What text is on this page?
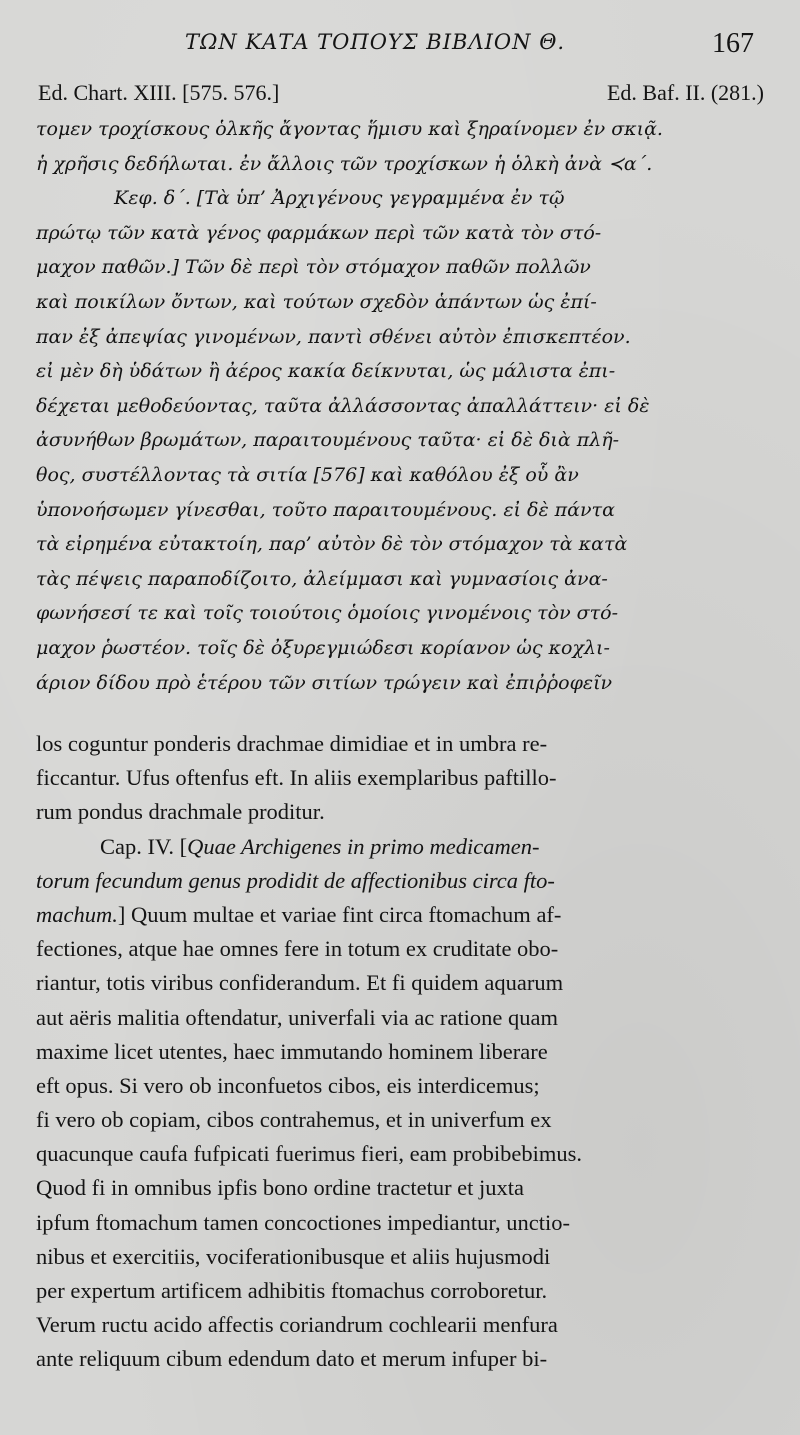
ΤΩΝ ΚΑΤΑ ΤΟΠΟΥΣ ΒΙΒΛΙΟΝ Θ.	167
Ed. Chart. XIII. [575. 576.]	Ed. Baf. II. (281.)
τομεν τροχίσκους ὁλκῆς ἄγοντας ἥμισυ καὶ ξηραίνομεν ἐν σκιᾷ.
ἡ χρῆσις δεδήλωται. ἐν ἄλλοις τῶν τροχίσκων ἡ ὁλκὴ ἀνὰ ≺α΄.
Κεφ. δ΄. [Τὰ ὑπ’ Ἀρχιγένους γεγραμμένα ἐν τῷ
πρώτῳ τῶν κατὰ γένος φαρμάκων περὶ τῶν κατὰ τὸν στό-
μαχον παθῶν.] Τῶν δὲ περὶ τὸν στόμαχον παθῶν πολλῶν
καὶ ποικίλων ὄντων, καὶ τούτων σχεδὸν ἁπάντων ὡς ἐπί-
παν ἐξ ἀπεψίας γινομένων, παντὶ σθένει αὐτὸν ἐπισκεπτέον.
εἰ μὲν δὴ ὑδάτων ἢ ἀέρος κακία δείκνυται, ὡς μάλιστα ἐπι-
δέχεται μεθοδεύοντας, ταῦτα ἀλλάσσοντας ἀπαλλάττειν· εἰ δὲ
ἀσυνήθων βρωμάτων, παραιτουμένους ταῦτα· εἰ δὲ διὰ πλῆ-
θος, συστέλλοντας τὰ σιτία [576] καὶ καθόλου ἐξ οὗ ἂν
ὑπονοήσωμεν γίνεσθαι, τοῦτο παραιτουμένους. εἰ δὲ πάντα
τὰ εἰρημένα εὐτακτοίη, παρ’ αὐτὸν δὲ τὸν στόμαχον τὰ κατὰ
τὰς πέψεις παραποδίζοιτο, ἀλείμμασι καὶ γυμνασίοις ἀνα-
φωνήσεσί τε καὶ τοῖς τοιούτοις ὁμοίοις γινομένοις τὸν στό-
μαχον ῥωστέον. τοῖς δὲ ὀξυρεγμιώδεσι κορίανον ὡς κοχλι-
άριον δίδου πρὸ ἑτέρου τῶν σιτίων τρώγειν καὶ ἐπιῤῥοφεῖν
los coguntur ponderis drachmae dimidiae et in umbra re-
ficcantur. Ufus oftenfus eft. In aliis exemplaribus paftillo-
rum pondus drachmale proditur.
Cap. IV. [Quae Archigenes in primo medicamen-
torum fecundum genus prodidit de affectionibus circa fto-
machum.] Quum multae et variae fint circa ftomachum af-
fectiones, atque hae omnes fere in totum ex cruditate obo-
riantur, totis viribus confiderandum. Et fi quidem aquarum
aut aëris malitia oftendatur, univerfali via ac ratione quam
maxime licet utentes, haec immutando hominem liberare
eft opus. Si vero ob inconfuetos cibos, eis interdicemus;
fi vero ob copiam, cibos contrahemus, et in univerfum ex
quacunque caufa fufpicati fuerimus fieri, eam probibebimus.
Quod fi in omnibus ipfis bono ordine tractetur et juxta
ipfum ftomachum tamen concoctiones impediantur, unctio-
nibus et exercitiis, vociferationibusque et aliis hujusmodi
per expertum artificem adhibitis ftomachus corroboretur.
Verum ructu acido affectis coriandrum cochlearii menfura
ante reliquum cibum edendum dato et merum infuper bi-
